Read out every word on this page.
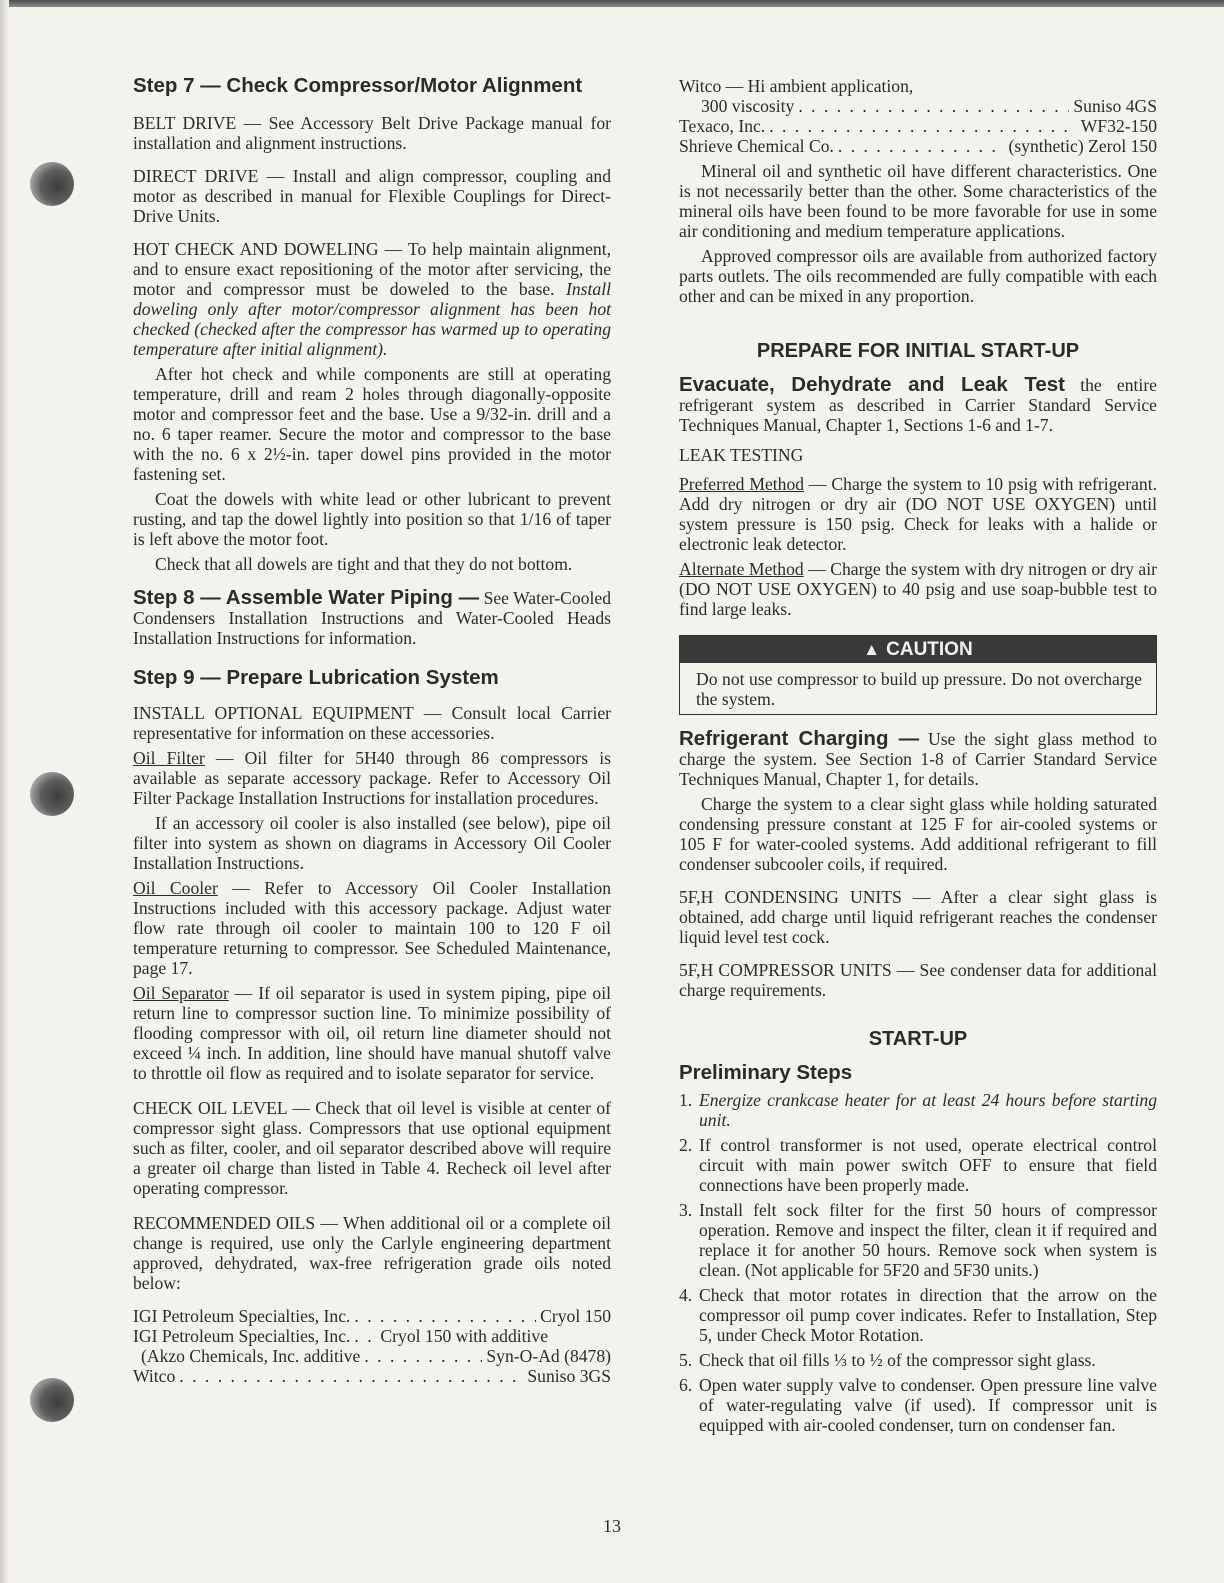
Step 7 — Check Compressor/Motor Alignment

BELT DRIVE — See Accessory Belt Drive Package manual for installation and alignment instructions.

DIRECT DRIVE — Install and align compressor, coupling and motor as described in manual for Flexible Couplings for Direct-Drive Units.

HOT CHECK AND DOWELING — To help maintain alignment, and to ensure exact repositioning of the motor after servicing, the motor and compressor must be doweled to the base. Install doweling only after motor/compressor alignment has been hot checked (checked after the compressor has warmed up to operating temperature after initial alignment).

After hot check and while components are still at operating temperature, drill and ream 2 holes through diagonally-opposite motor and compressor feet and the base. Use a 9/32-in. drill and a no. 6 taper reamer. Secure the motor and compressor to the base with the no. 6 x 2½-in. taper dowel pins provided in the motor fastening set.

Coat the dowels with white lead or other lubricant to prevent rusting, and tap the dowel lightly into position so that 1/16 of taper is left above the motor foot.

Check that all dowels are tight and that they do not bottom.

Step 8 — Assemble Water Piping — See Water-Cooled Condensers Installation Instructions and Water-Cooled Heads Installation Instructions for information.

Step 9 — Prepare Lubrication System

INSTALL OPTIONAL EQUIPMENT — Consult local Carrier representative for information on these accessories.

Oil Filter — Oil filter for 5H40 through 86 compressors is available as separate accessory package. Refer to Accessory Oil Filter Package Installation Instructions for installation procedures.

If an accessory oil cooler is also installed (see below), pipe oil filter into system as shown on diagrams in Accessory Oil Cooler Installation Instructions.

Oil Cooler — Refer to Accessory Oil Cooler Installation Instructions included with this accessory package. Adjust water flow rate through oil cooler to maintain 100 to 120 F oil temperature returning to compressor. See Scheduled Maintenance, page 17.

Oil Separator — If oil separator is used in system piping, pipe oil return line to compressor suction line. To minimize possibility of flooding compressor with oil, oil return line diameter should not exceed ¼ inch. In addition, line should have manual shutoff valve to throttle oil flow as required and to isolate separator for service.

CHECK OIL LEVEL — Check that oil level is visible at center of compressor sight glass. Compressors that use optional equipment such as filter, cooler, and oil separator described above will require a greater oil charge than listed in Table 4. Recheck oil level after operating compressor.

RECOMMENDED OILS — When additional oil or a complete oil change is required, use only the Carlyle engineering department approved, dehydrated, wax-free refrigeration grade oils noted below:

IGI Petroleum Specialties, Inc. . . .	Cryol 150
IGI Petroleum Specialties, Inc. . . . Cryol 150 with additive
(Akzo Chemicals, Inc. additive . . .	Syn-O-Ad (8478)
Witco . . .	Suniso 3GS
Witco — Hi ambient application,
300 viscosity . . .	Suniso 4GS
Texaco, Inc. . . .	WF32-150
Shrieve Chemical Co. . . .	(synthetic) Zerol 150

Mineral oil and synthetic oil have different characteristics. One is not necessarily better than the other. Some characteristics of the mineral oils have been found to be more favorable for use in some air conditioning and medium temperature applications.

Approved compressor oils are available from authorized factory parts outlets. The oils recommended are fully compatible with each other and can be mixed in any proportion.

PREPARE FOR INITIAL START-UP

Evacuate, Dehydrate and Leak Test the entire refrigerant system as described in Carrier Standard Service Techniques Manual, Chapter 1, Sections 1-6 and 1-7.

LEAK TESTING

Preferred Method — Charge the system to 10 psig with refrigerant. Add dry nitrogen or dry air (DO NOT USE OXYGEN) until system pressure is 150 psig. Check for leaks with a halide or electronic leak detector.

Alternate Method — Charge the system with dry nitrogen or dry air (DO NOT USE OXYGEN) to 40 psig and use soap-bubble test to find large leaks.

▲ CAUTION

Do not use compressor to build up pressure. Do not overcharge the system.

Refrigerant Charging — Use the sight glass method to charge the system. See Section 1-8 of Carrier Standard Service Techniques Manual, Chapter 1, for details.

Charge the system to a clear sight glass while holding saturated condensing pressure constant at 125 F for air-cooled systems or 105 F for water-cooled systems. Add additional refrigerant to fill condenser subcooler coils, if required.

5F,H CONDENSING UNITS — After a clear sight glass is obtained, add charge until liquid refrigerant reaches the condenser liquid level test cock.

5F,H COMPRESSOR UNITS — See condenser data for additional charge requirements.

START-UP
Preliminary Steps
1. Energize crankcase heater for at least 24 hours before starting unit.

2. If control transformer is not used, operate electrical control circuit with main power switch OFF to ensure that field connections have been properly made.

3. Install felt sock filter for the first 50 hours of compressor operation. Remove and inspect the filter, clean it if required and replace it for another 50 hours. Remove sock when system is clean. (Not applicable for 5F20 and 5F30 units.)

4. Check that motor rotates in direction that the arrow on the compressor oil pump cover indicates. Refer to Installation, Step 5, under Check Motor Rotation.

5. Check that oil fills ⅓ to ½ of the compressor sight glass.

6. Open water supply valve to condenser. Open pressure line valve of water-regulating valve (if used). If compressor unit is equipped with air-cooled condenser, turn on condenser fan.

13
